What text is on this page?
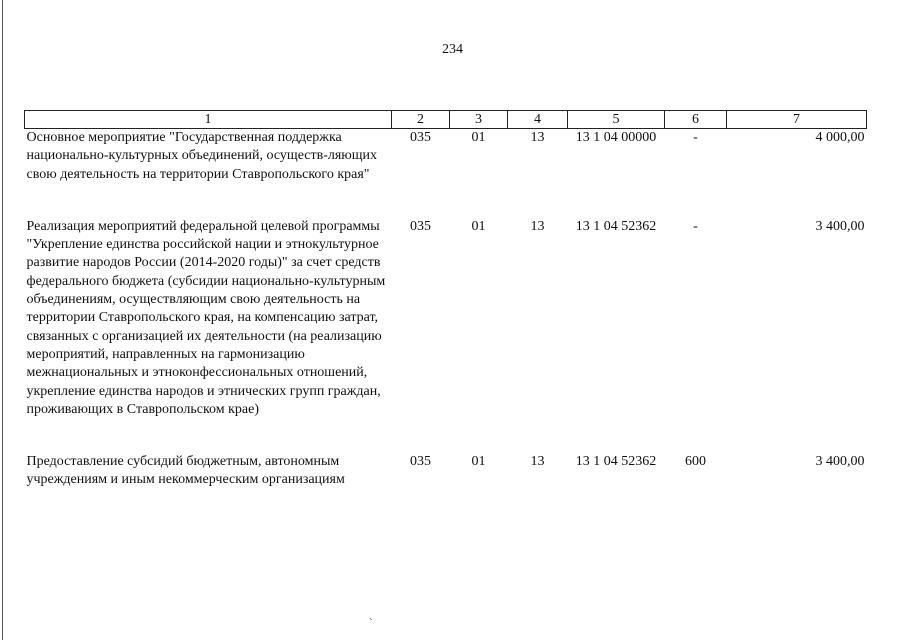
234
1	2	3	4	5	6	7
Основное мероприятие "Государственная поддержка национально-культурных объединений, осуществ-ляющих свою деятельность на территории Ставропольского края"	035	01	13	13 1 04 00000	-	4 000,00

Реализация мероприятий федеральной целевой программы "Укрепление единства российской нации и этнокультурное развитие народов России (2014-2020 годы)" за счет средств федерального бюджета (субсидии национально-культурным объединениям, осуществляющим свою деятельность на территории Ставропольского края, на компенсацию затрат, связанных с организацией их деятельности (на реализацию мероприятий, направленных на гармонизацию межнациональных и этноконфессиональных отношений, укрепление единства народов и этнических групп граждан, проживающих в Ставропольском крае)	035	01	13	13 1 04 52362	-	3 400,00

Предоставление субсидий бюджетным, автономным учреждениям и иным некоммерческим организациям	035	01	13	13 1 04 52362	600	3 400,00
`
